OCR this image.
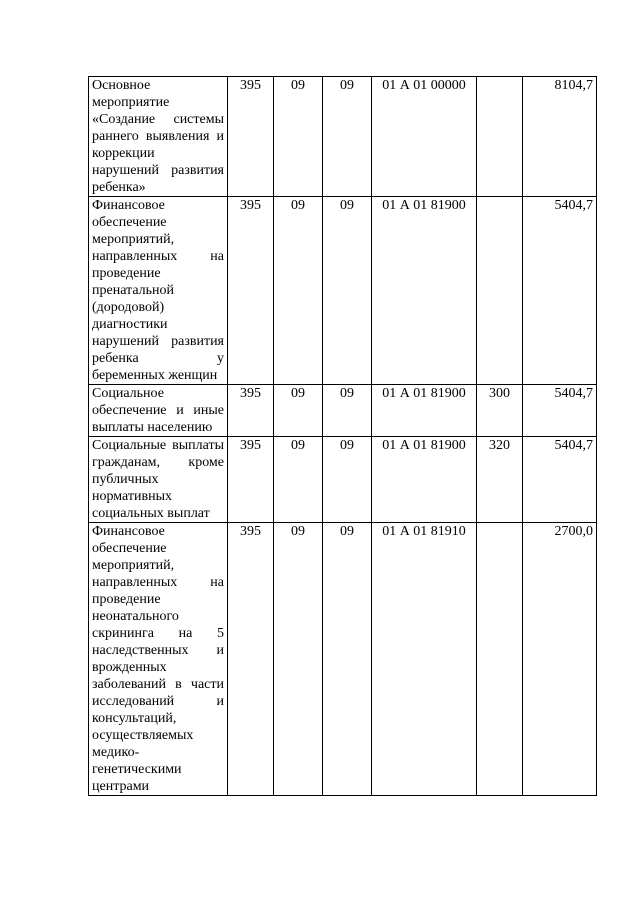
Основное мероприятие «Создание системы раннего выявления и коррекции нарушений развития ребенка»	395	09	09	01 А 01 00000		8104,7
Финансовое обеспечение мероприятий, направленных на проведение пренатальной (дородовой) диагностики нарушений развития ребенка у беременных женщин	395	09	09	01 А 01 81900		5404,7
Социальное обеспечение и иные выплаты населению	395	09	09	01 А 01 81900	300	5404,7
Социальные выплаты гражданам, кроме публичных нормативных социальных выплат	395	09	09	01 А 01 81900	320	5404,7
Финансовое обеспечение мероприятий, направленных на проведение неонатального скрининга на 5 наследственных и врожденных заболеваний в части исследований и консультаций, осуществляемых медико-генетическими центрами	395	09	09	01 А 01 81910		2700,0
